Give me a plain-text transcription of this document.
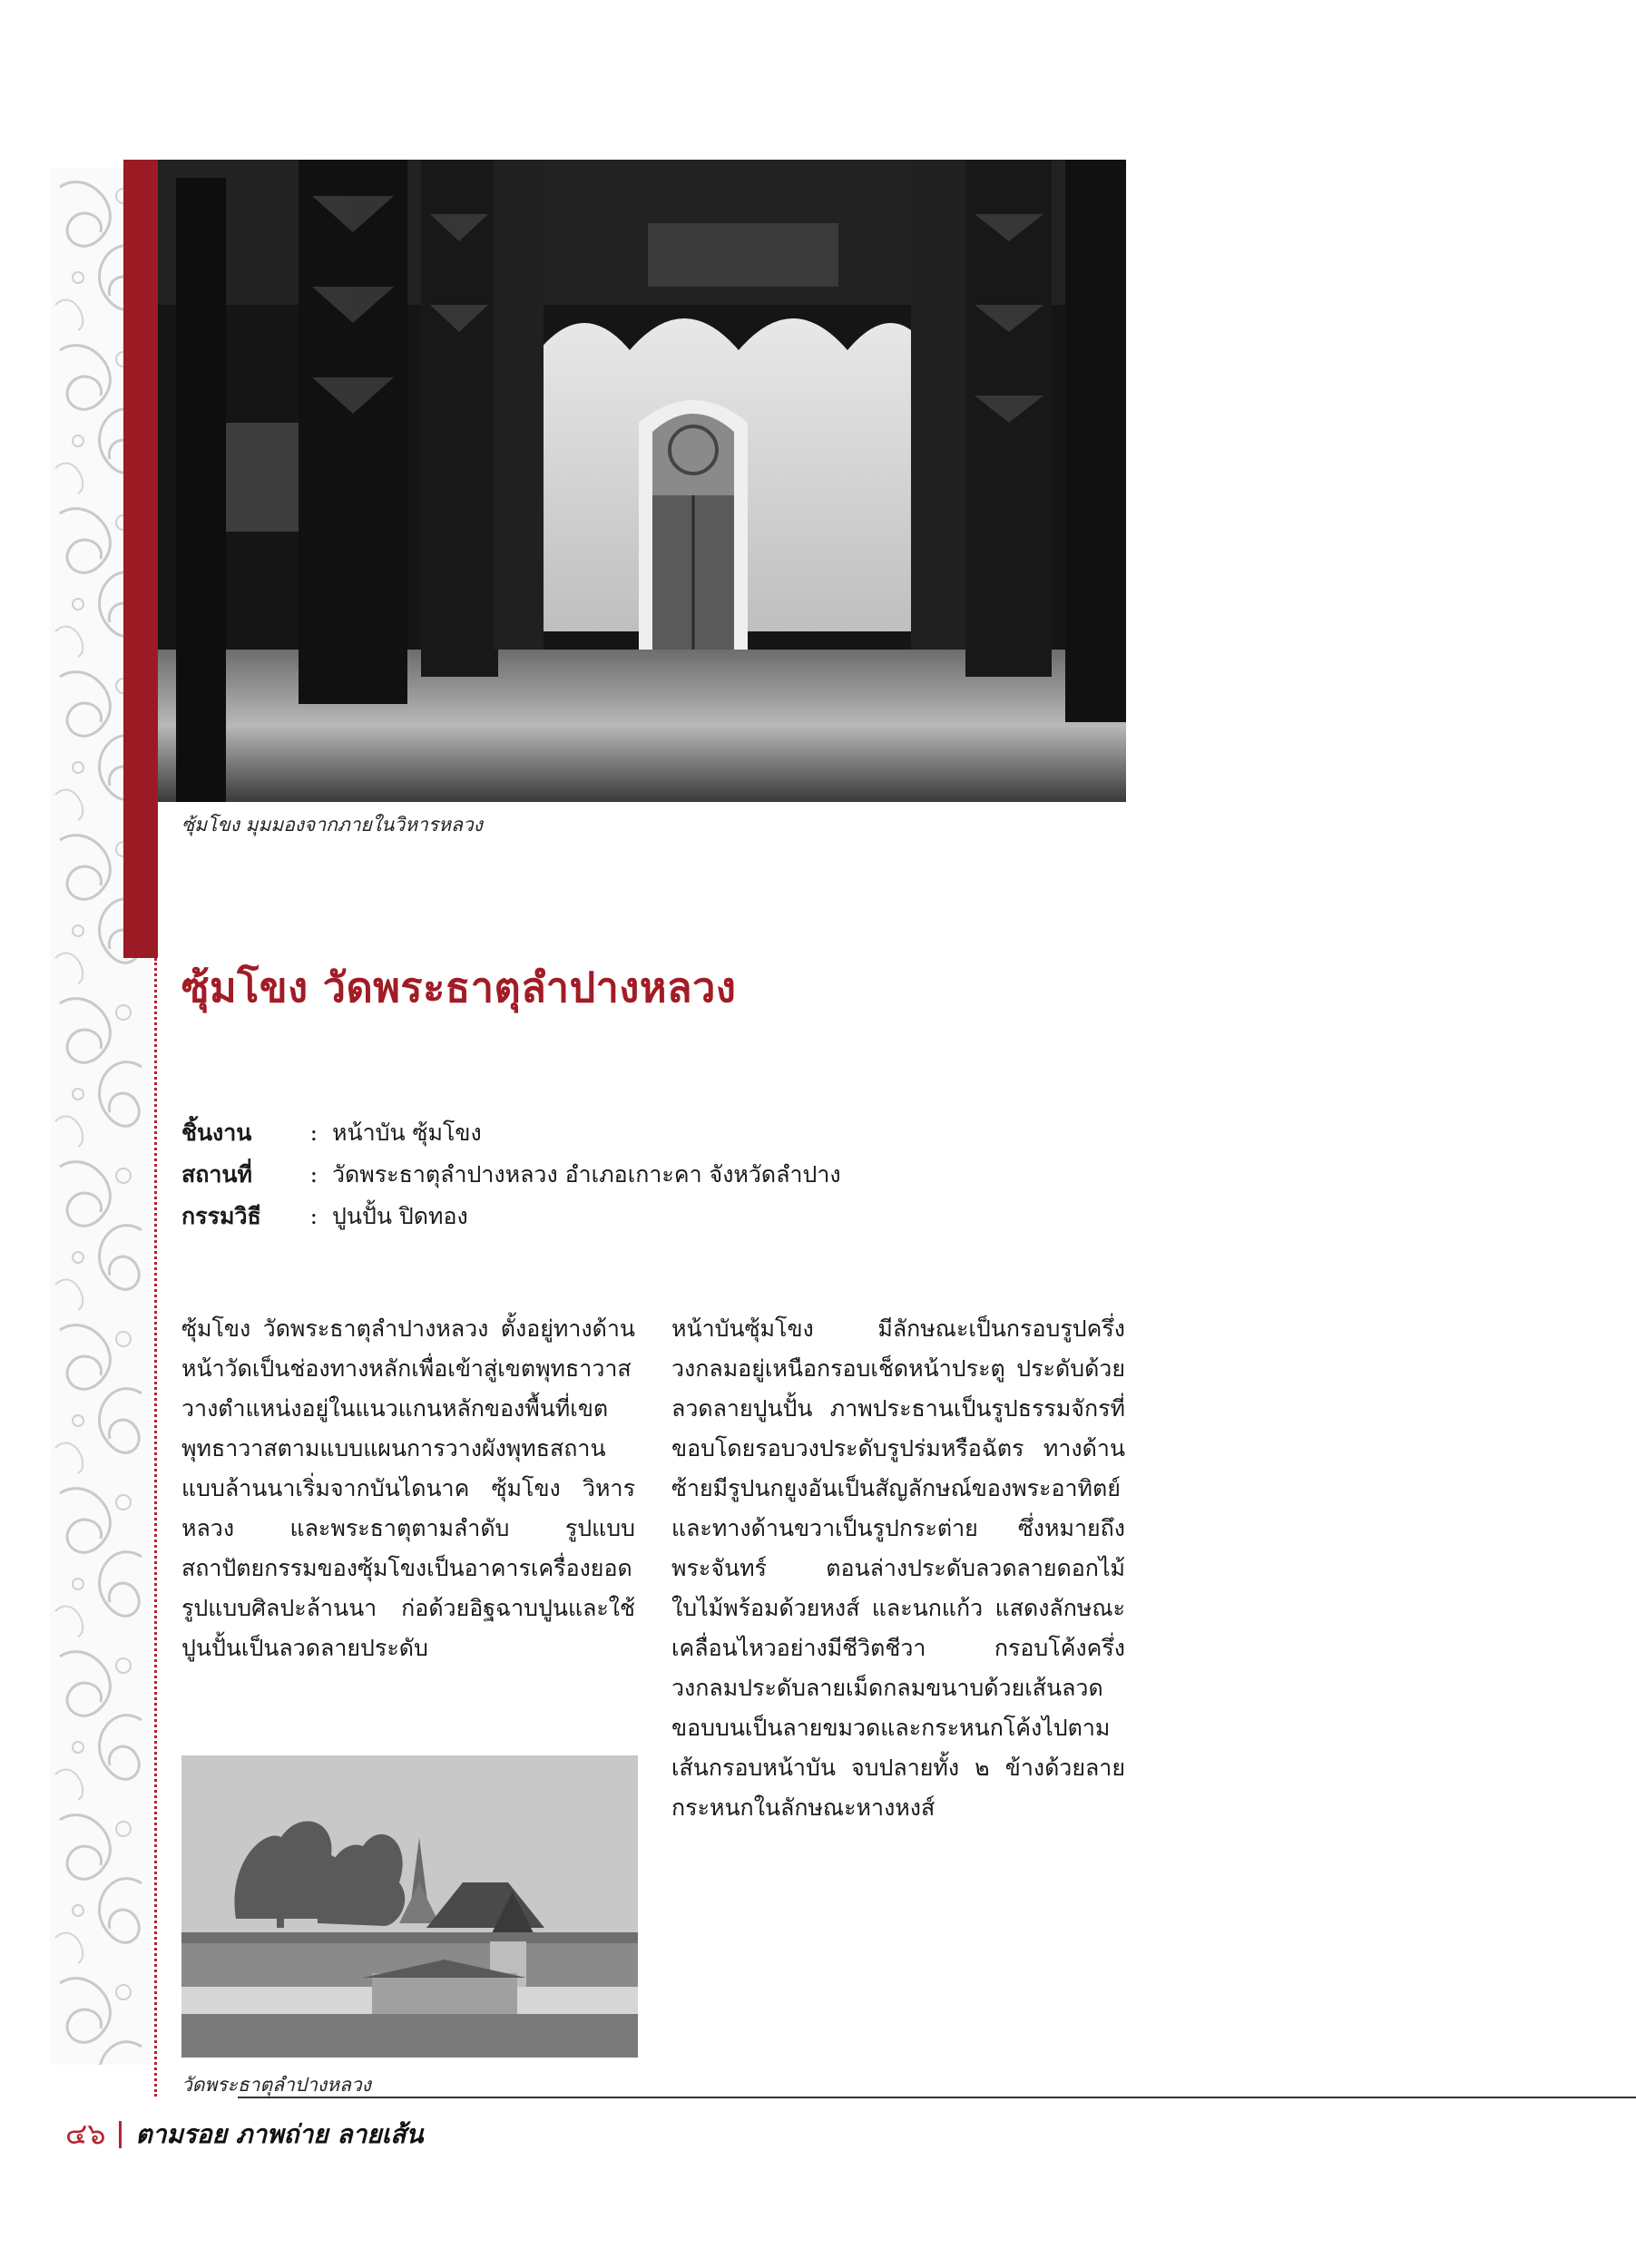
ซุ้มโขง มุมมองจากภายในวิหารหลวง
ซุ้มโขง วัดพระธาตุลำปางหลวง
ชิ้นงาน	: หน้าบัน ซุ้มโขง
สถานที่	: วัดพระธาตุลำปางหลวง อำเภอเกาะคา จังหวัดลำปาง
กรรมวิธี : ปูนปั้น ปิดทอง

ซุ้มโขง วัดพระธาตุลำปางหลวง ตั้งอยู่ทางด้านหน้าวัดเป็นช่องทางหลักเพื่อเข้าสู่เขตพุทธาวาส วางตำแหน่งอยู่ในแนวแกนหลักของพื้นที่เขตพุทธาวาสตามแบบแผนการวางผังพุทธสถานแบบล้านนาเริ่มจากบันไดนาค ซุ้มโขง วิหารหลวง และพระธาตุตามลำดับ รูปแบบสถาปัตยกรรมของซุ้มโขงเป็นอาคารเครื่องยอดรูปแบบศิลปะล้านนา ก่อด้วยอิฐฉาบปูนและใช้ปูนปั้นเป็นลวดลายประดับ

หน้าบันซุ้มโขง มีลักษณะเป็นกรอบรูปครึ่งวงกลมอยู่เหนือกรอบเช็ดหน้าประตู ประดับด้วยลวดลายปูนปั้น ภาพประธานเป็นรูปธรรมจักรที่ขอบโดยรอบวงประดับรูปร่มหรือฉัตร ทางด้านซ้ายมีรูปนกยูงอันเป็นสัญลักษณ์ของพระอาทิตย์ และทางด้านขวาเป็นรูปกระต่าย ซึ่งหมายถึงพระจันทร์ ตอนล่างประดับลวดลายดอกไม้ ใบไม้พร้อมด้วยหงส์ และนกแก้ว แสดงลักษณะเคลื่อนไหวอย่างมีชีวิตชีวา กรอบโค้งครึ่งวงกลมประดับลายเม็ดกลมขนาบด้วยเส้นลวด ขอบบนเป็นลายขมวดและกระหนกโค้งไปตามเส้นกรอบหน้าบัน จบปลายทั้ง ๒ ข้างด้วยลายกระหนกในลักษณะหางหงส์

วัดพระธาตุลำปางหลวง
๔๖ ตามรอย ภาพถ่าย ลายเส้น
